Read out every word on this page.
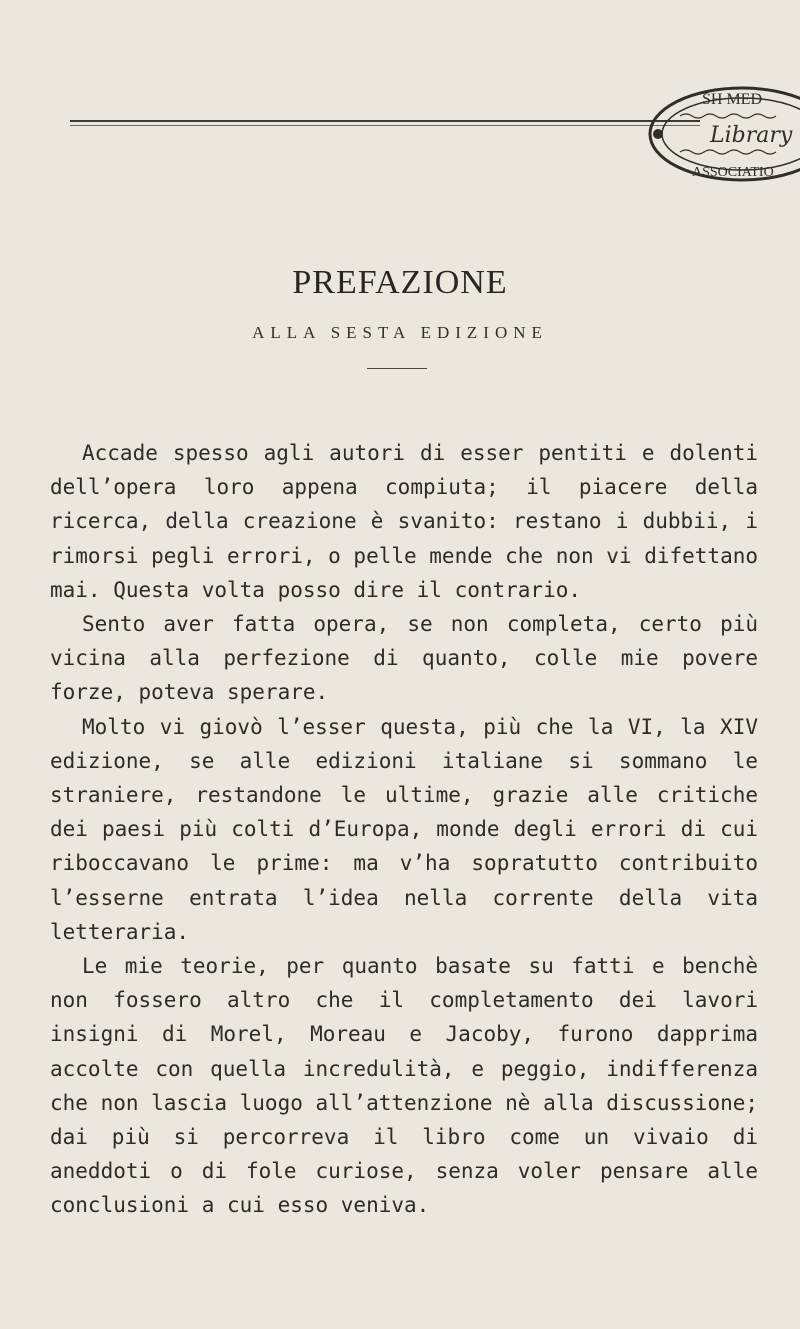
SH MED
Library
ASSOCIATIO
PREFAZIONE
ALLA SESTA EDIZIONE

Accade spesso agli autori di esser pentiti e dolenti dell’opera loro appena compiuta; il piacere della ricerca, della creazione è svanito: restano i dubbii, i rimorsi pegli errori, o pelle mende che non vi difettano mai. Questa volta posso dire il contrario.

Sento aver fatta opera, se non completa, certo più vicina alla perfezione di quanto, colle mie povere forze, poteva sperare.

Molto vi giovò l’esser questa, più che la VI, la XIV edizione, se alle edizioni italiane si sommano le straniere, restandone le ultime, grazie alle critiche dei paesi più colti d’Europa, monde degli errori di cui riboccavano le prime: ma v’ha sopratutto contribuito l’esserne entrata l’idea nella corrente della vita letteraria.

Le mie teorie, per quanto basate su fatti e benchè non fossero altro che il completamento dei lavori insigni di Morel, Moreau e Jacoby, furono dapprima accolte con quella incredulità, e peggio, indifferenza che non lascia luogo all’attenzione nè alla discussione; dai più si percorreva il libro come un vivaio di aneddoti o di fole curiose, senza voler pensare alle conclusioni a cui esso veniva.
